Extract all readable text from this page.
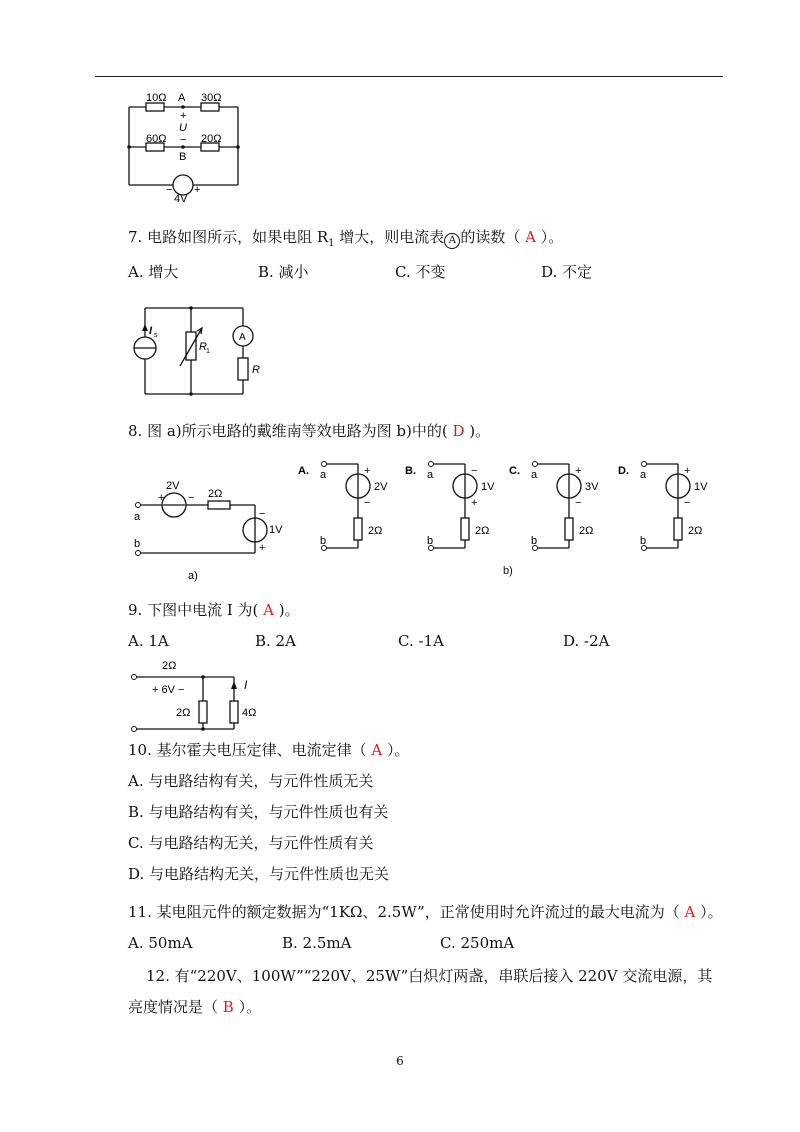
10Ω	30Ω
A
+
U
60Ω	20Ω
−
B
− +
4V
7. 电路如图所示，如果电阻 $R_1$ 增大，则电流表 A 的读数（ A ）。
A. 增大	B. 减小	C. 不变	D. 不定
I s
R 1
A
R
8. 图 a)所示电路的戴维南等效电路为图 b)中的( D )。
2V
+ − 2Ω
1V
−
+
a
b
a)
A. a
b
+
−
2V
2Ω
B. a
b
−
+
1V
2Ω
C. a
b
+
−
3V
2Ω
D. a
b
+
−
1V
2Ω
b)
9. 下图中电流 I 为( A )。
A. 1A	B. 2A	C. -1A	D. -2A
2Ω
+ 6V −
2Ω	4Ω
I
10. 基尔霍夫电压定律、电流定律（ A ）。
A. 与电路结构有关，与元件性质无关
B. 与电路结构有关，与元件性质也有关
C. 与电路结构无关，与元件性质有关
D. 与电路结构无关，与元件性质也无关
11. 某电阻元件的额定数据为“1KΩ、2.5W”，正常使用时允许流过的最大电流为（ A ）。
A. 50mA	B. 2.5mA	C. 250mA
12. 有“220V、100W”“220V、25W”白炽灯两盏，串联后接入 220V 交流电源，其
亮度情况是（ B ）。
6
